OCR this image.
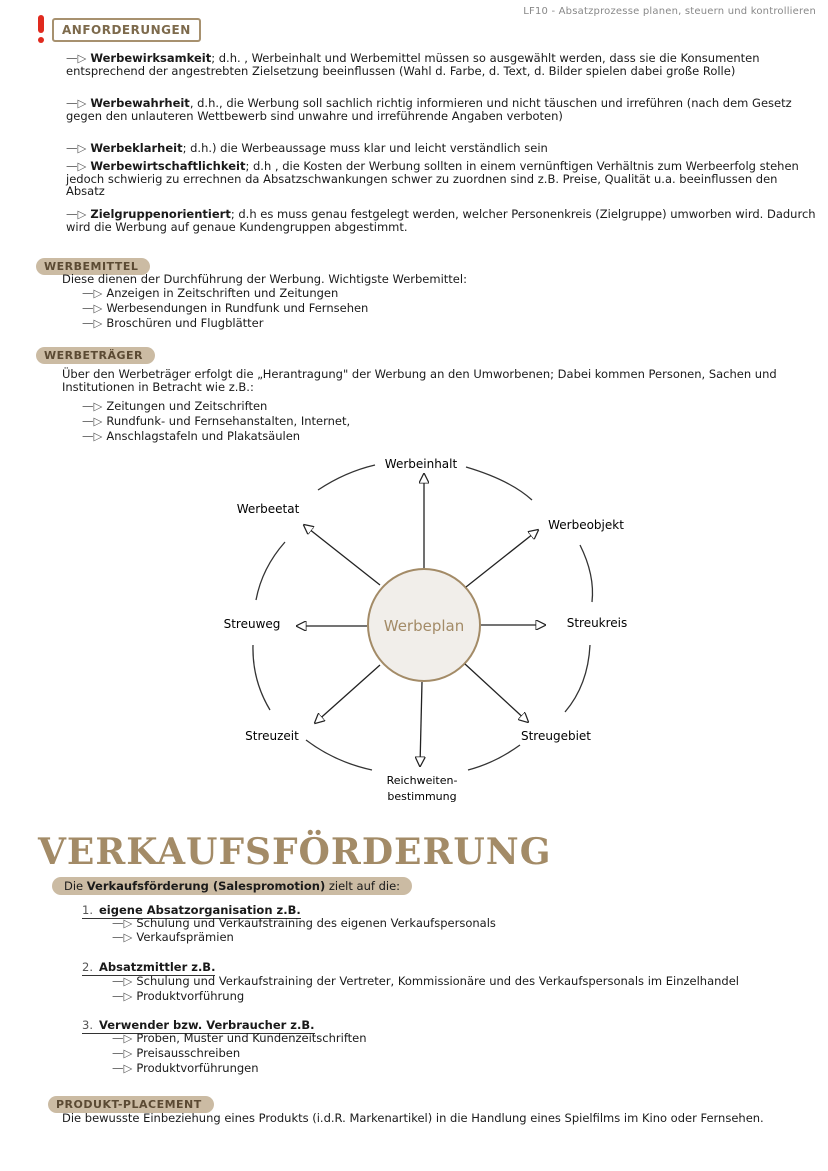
LF10 - Absatzprozesse planen, steuern und kontrollieren
ANFORDERUNGEN
—▷ Werbewirksamkeit; d.h. , Werbeinhalt und Werbemittel müssen so ausgewählt werden, dass sie die Konsumenten entsprechend der angestrebten Zielsetzung beeinflussen (Wahl d. Farbe, d. Text, d. Bilder spielen dabei große Rolle)
—▷ Werbewahrheit, d.h., die Werbung soll sachlich richtig informieren und nicht täuschen und irreführen (nach dem Gesetz gegen den unlauteren Wettbewerb sind unwahre und irreführende Angaben verboten)
—▷ Werbeklarheit; d.h.) die Werbeaussage muss klar und leicht verständlich sein
—▷ Werbewirtschaftlichkeit; d.h , die Kosten der Werbung sollten in einem vernünftigen Verhältnis zum Werbeerfolg stehen jedoch schwierig zu errechnen da Absatzschwankungen schwer zu zuordnen sind z.B. Preise, Qualität u.a. beeinflussen den Absatz
—▷ Zielgruppenorientiert; d.h es muss genau festgelegt werden, welcher Personenkreis (Zielgruppe) umworben wird. Dadurch wird die Werbung auf genaue Kundengruppen abgestimmt.
WERBEMITTEL
Diese dienen der Durchführung der Werbung. Wichtigste Werbemittel:
—▷ Anzeigen in Zeitschriften und Zeitungen
—▷ Werbesendungen in Rundfunk und Fernsehen
—▷ Broschüren und Flugblätter
WERBETRÄGER
Über den Werbeträger erfolgt die „Herantragung" der Werbung an den Umworbenen; Dabei kommen Personen, Sachen und Institutionen in Betracht wie z.B.:
—▷ Zeitungen und Zeitschriften
—▷ Rundfunk- und Fernsehanstalten, Internet,
—▷ Anschlagstafeln und Plakatsäulen
Werbeplan
Werbeinhalt
Werbeobjekt
Streukreis
Streugebiet
Reichweiten-
bestimmung
Streuzeit
Streuweg
Werbeetat
VERKAUFSFÖRDERUNG
Die Verkaufsförderung (Salespromotion) zielt auf die:
1. eigene Absatzorganisation z.B.
—▷ Schulung und Verkaufstraining des eigenen Verkaufspersonals
—▷ Verkaufsprämien
2. Absatzmittler z.B.
—▷ Schulung und Verkaufstraining der Vertreter, Kommissionäre und des Verkaufspersonals im Einzelhandel
—▷ Produktvorführung
3. Verwender bzw. Verbraucher z.B.
—▷ Proben, Muster und Kundenzeitschriften
—▷ Preisausschreiben
—▷ Produktvorführungen
PRODUKT-PLACEMENT
Die bewusste Einbeziehung eines Produkts (i.d.R. Markenartikel) in die Handlung eines Spielfilms im Kino oder Fernsehen.
